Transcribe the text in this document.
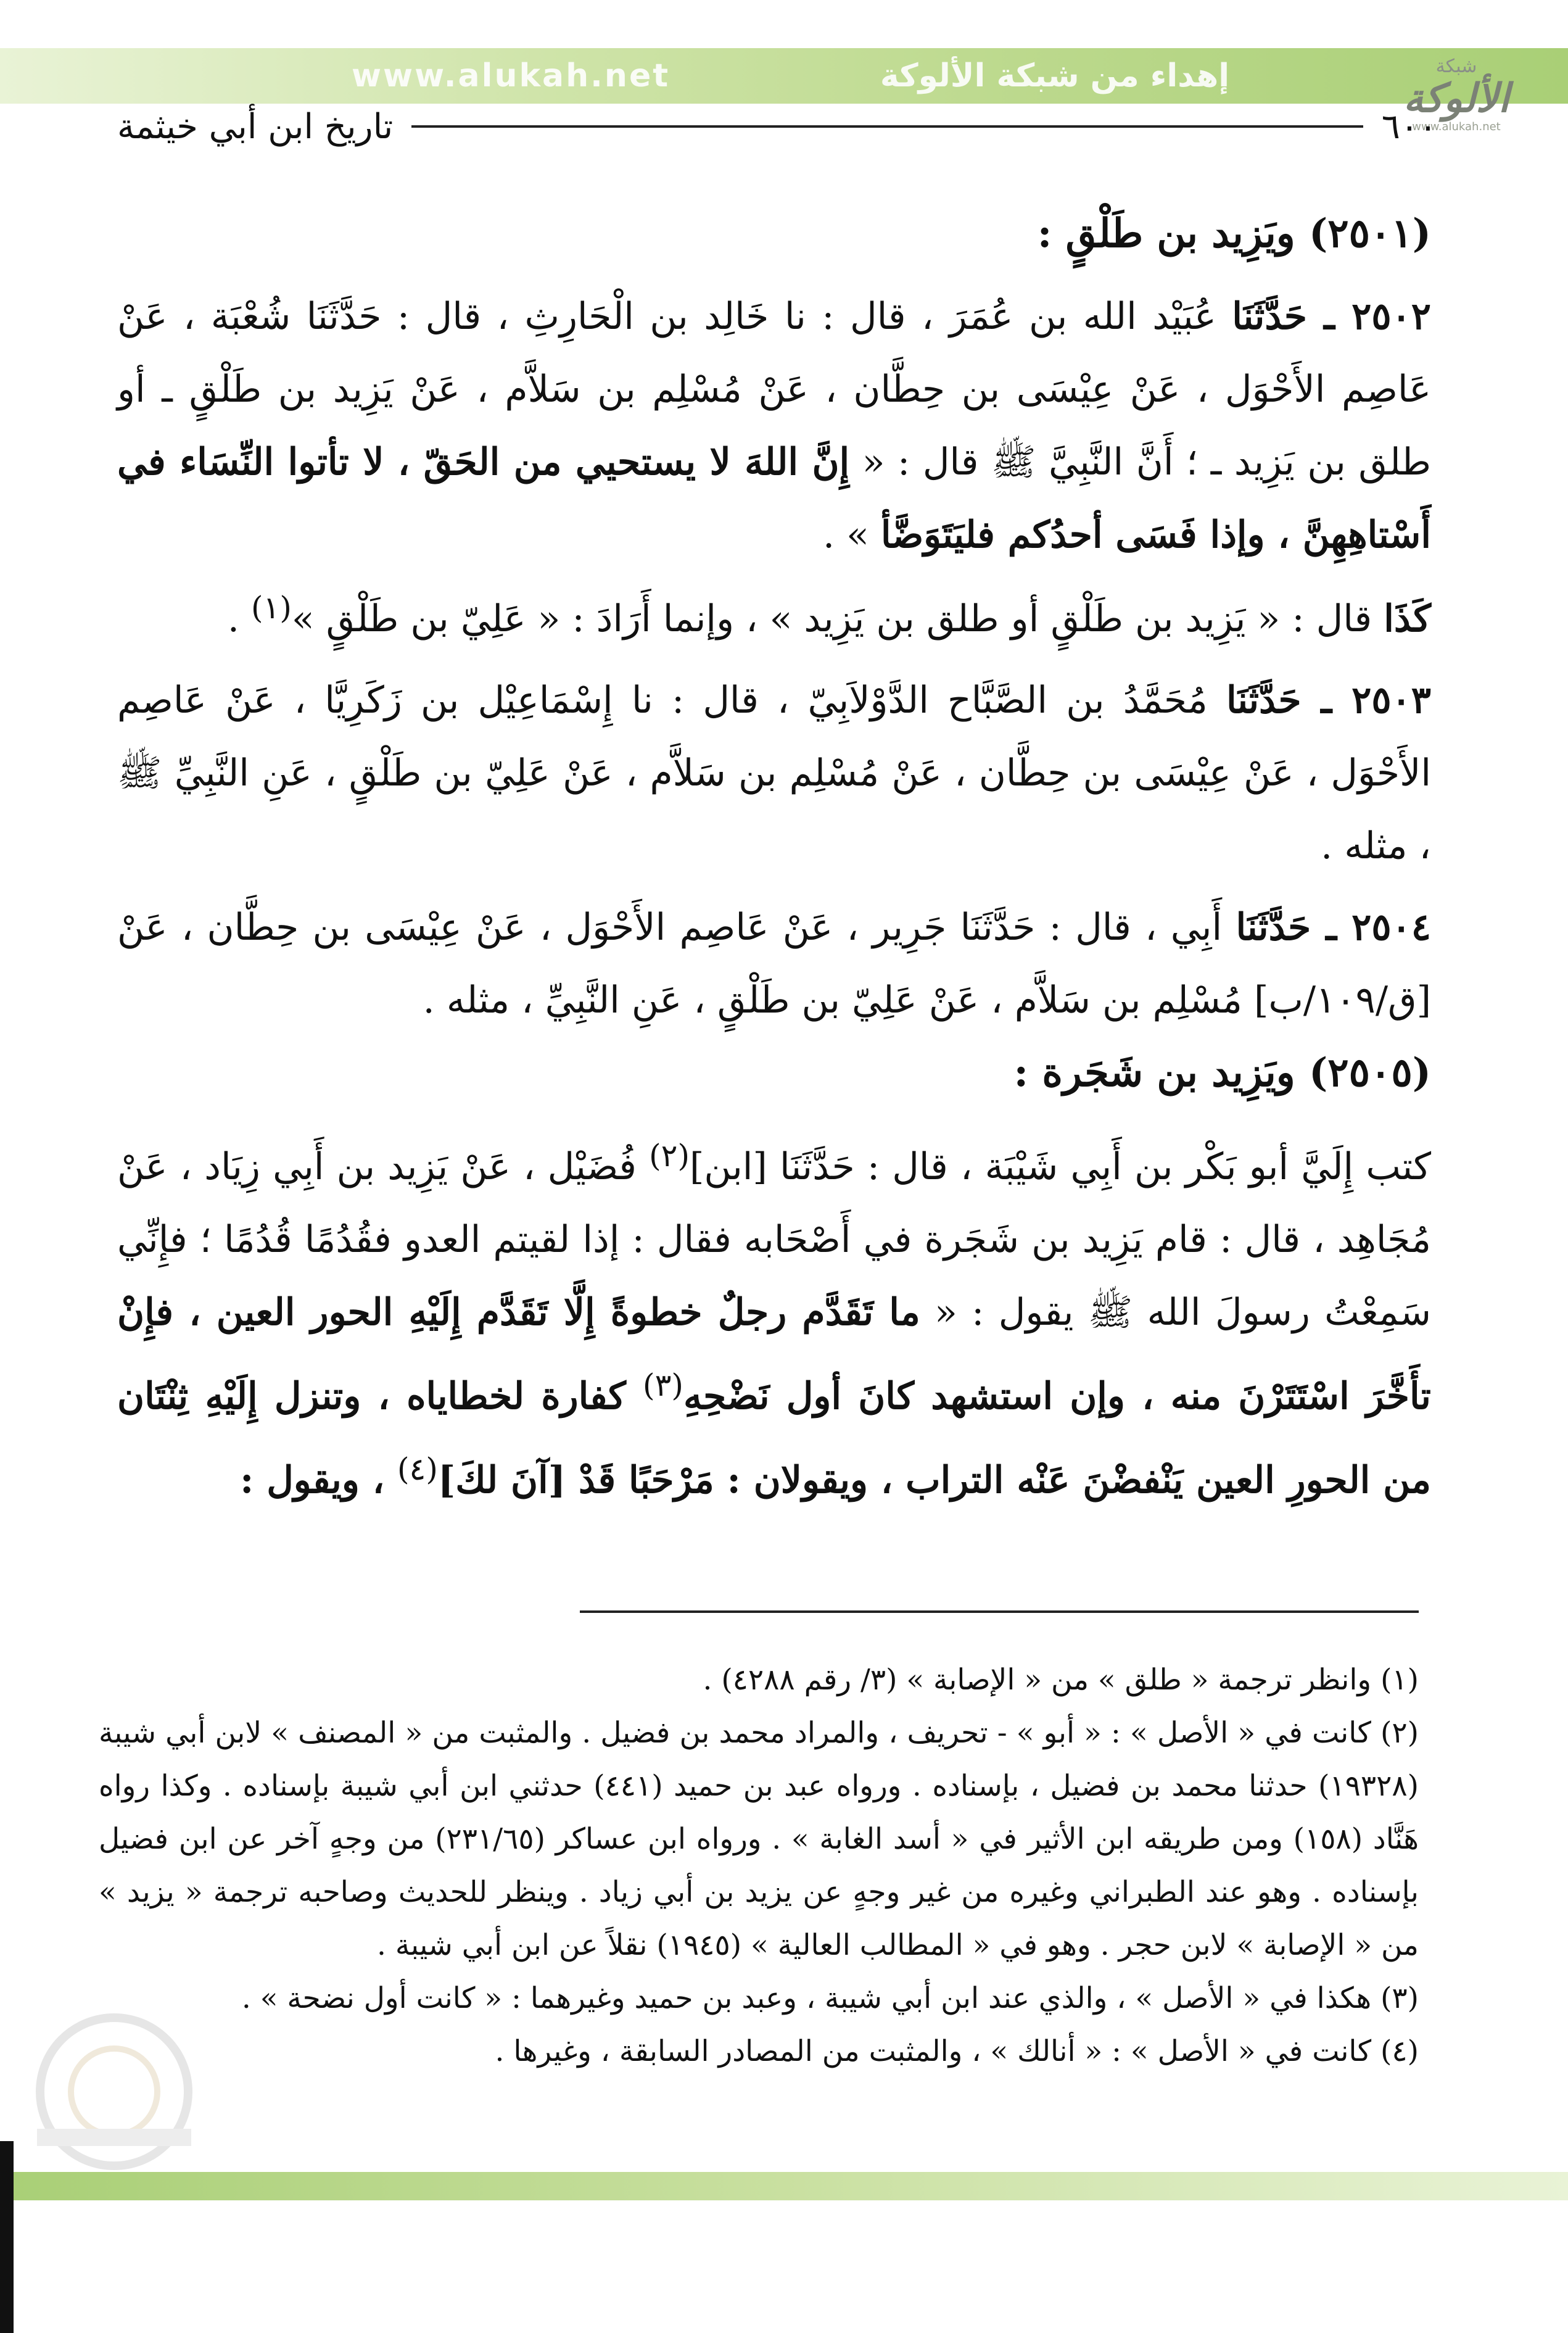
www.alukah.net	إهداء من شبكة الألوكة	شبكة
الألوكة
www.alukah.net
٦٠٠
تاريخ ابن أبي خيثمة

(٢٥٠١) ويَزِيد بن طَلْقٍ :

٢٥٠٢ ـ حَدَّثَنَا عُبَيْد الله بن عُمَرَ ، قال : نا خَالِد بن الْحَارِثِ ، قال : حَدَّثَنَا شُعْبَة ، عَنْ عَاصِم الأَحْوَل ، عَنْ عِيْسَى بن حِطَّان ، عَنْ مُسْلِم بن سَلاَّم ، عَنْ يَزِيد بن طَلْقٍ ـ أو طلق بن يَزِيد ـ ؛ أَنَّ النَّبِيَّ ﷺ قال : « إِنَّ اللهَ لا يستحيي من الحَقّ ، لا تأتوا النِّسَاء في أَسْتاهِهِنَّ ، وإذا فَسَى أحدُكم فليَتَوَضَّأ » .

كَذَا قال : « يَزِيد بن طَلْقٍ أو طلق بن يَزِيد » ، وإنما أَرَادَ : « عَلِيّ بن طَلْقٍ »$^{(١)}$ .

٢٥٠٣ ـ حَدَّثَنَا مُحَمَّدُ بن الصَّبَّاح الدَّوْلاَبِيّ ، قال : نا إِسْمَاعِيْل بن زَكَرِيَّا ، عَنْ عَاصِم الأَحْوَل ، عَنْ عِيْسَى بن حِطَّان ، عَنْ مُسْلِم بن سَلاَّم ، عَنْ عَلِيّ بن طَلْقٍ ، عَنِ النَّبِيِّ ﷺ ، مثله .

٢٥٠٤ ـ حَدَّثَنَا أَبِي ، قال : حَدَّثَنَا جَرِير ، عَنْ عَاصِم الأَحْوَل ، عَنْ عِيْسَى بن حِطَّان ، عَنْ [ق/١٠٩/ب] مُسْلِم بن سَلاَّم ، عَنْ عَلِيّ بن طَلْقٍ ، عَنِ النَّبِيِّ ، مثله .

(٢٥٠٥) ويَزِيد بن شَجَرة :

كتب إِلَيَّ أبو بَكْر بن أَبِي شَيْبَة ، قال : حَدَّثَنَا [ابن]$^{(٢)}$ فُضَيْل ، عَنْ يَزِيد بن أَبِي زِيَاد ، عَنْ مُجَاهِد ، قال : قام يَزِيد بن شَجَرة في أَصْحَابه فقال : إذا لقيتم العدو فقُدُمًا قُدُمًا ؛ فإِنِّي سَمِعْتُ رسولَ الله ﷺ يقول : « ما تَقَدَّم رجلٌ خطوةً إِلَّا تَقَدَّم إِلَيْهِ الحور العين ، فإِنْ تأَخَّرَ اسْتَتَرْنَ منه ، وإن استشهد كانَ أول نَضْحِهِ$^{(٣)}$ كفارة لخطاياه ، وتنزل إِلَيْهِ ثِنْتَان من الحورِ العين يَنْفضْنَ عَنْه التراب ، ويقولان : مَرْحَبًا قَدْ [آنَ لكَ]$^{(٤)}$ ، ويقول :

(١) وانظر ترجمة « طلق » من « الإصابة » (٣/ رقم ٤٢٨٨) .

(٢) كانت في « الأصل » : « أبو » - تحريف ، والمراد محمد بن فضيل . والمثبت من « المصنف » لابن أبي شيبة (١٩٣٢٨) حدثنا محمد بن فضيل ، بإسناده . ورواه عبد بن حميد (٤٤١) حدثني ابن أبي شيبة بإسناده . وكذا رواه هَنَّاد (١٥٨) ومن طريقه ابن الأثير في « أسد الغابة » . ورواه ابن عساكر (٢٣١/٦٥) من وجهٍ آخر عن ابن فضيل بإسناده . وهو عند الطبراني وغيره من غير وجهٍ عن يزيد بن أبي زياد . وينظر للحديث وصاحبه ترجمة « يزيد » من « الإصابة » لابن حجر . وهو في « المطالب العالية » (١٩٤٥) نقلاً عن ابن أبي شيبة .

(٣) هكذا في « الأصل » ، والذي عند ابن أبي شيبة ، وعبد بن حميد وغيرهما : « كانت أول نضحة » .

(٤) كانت في « الأصل » : « أنالك » ، والمثبت من المصادر السابقة ، وغيرها .
